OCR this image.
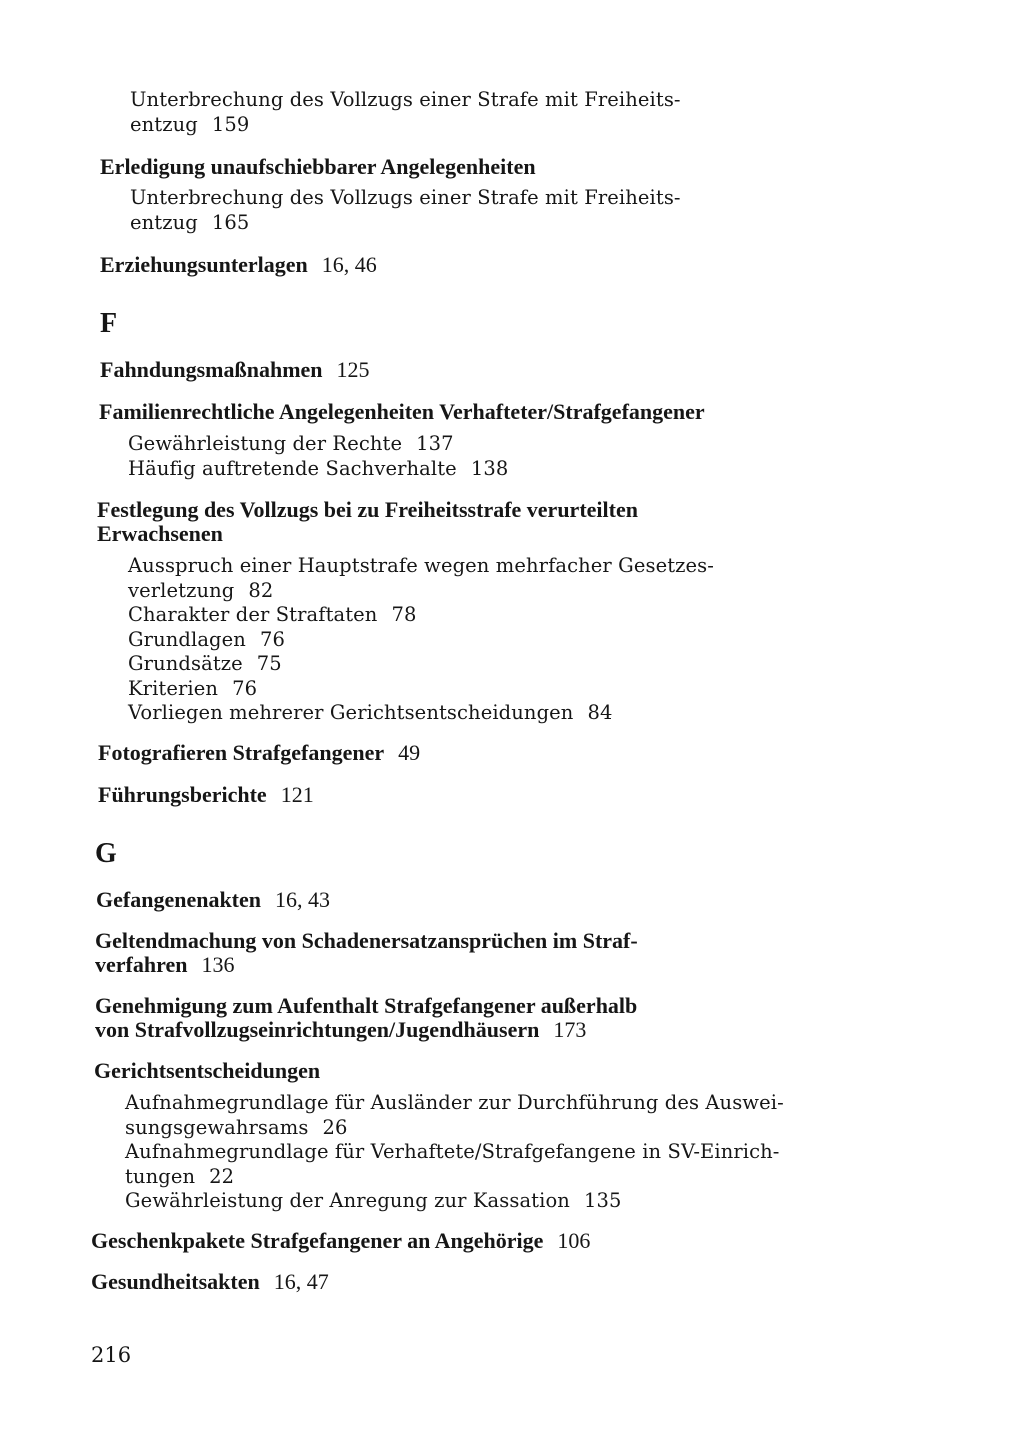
Unterbrechung des Vollzugs einer Strafe mit Freiheits-
entzug 159
Erledigung unaufschiebbarer Angelegenheiten
Unterbrechung des Vollzugs einer Strafe mit Freiheits-
entzug 165
Erziehungsunterlagen 16, 46
F
Fahndungsmaßnahmen 125
Familienrechtliche Angelegenheiten Verhafteter/Strafgefangener
Gewährleistung der Rechte 137
Häufig auftretende Sachverhalte 138
Festlegung des Vollzugs bei zu Freiheitsstrafe verurteilten
Erwachsenen
Ausspruch einer Hauptstrafe wegen mehrfacher Gesetzes-
verletzung 82
Charakter der Straftaten 78
Grundlagen 76
Grundsätze 75
Kriterien 76
Vorliegen mehrerer Gerichtsentscheidungen 84
Fotografieren Strafgefangener 49
Führungsberichte 121
G
Gefangenenakten 16, 43
Geltendmachung von Schadenersatzansprüchen im Straf-
verfahren 136
Genehmigung zum Aufenthalt Strafgefangener außerhalb
von Strafvollzugseinrichtungen/Jugendhäusern 173
Gerichtsentscheidungen
Aufnahmegrundlage für Ausländer zur Durchführung des Auswei-
sungsgewahrsams 26
Aufnahmegrundlage für Verhaftete/Strafgefangene in SV-Einrich-
tungen 22
Gewährleistung der Anregung zur Kassation 135
Geschenkpakete Strafgefangener an Angehörige 106
Gesundheitsakten 16, 47
216
